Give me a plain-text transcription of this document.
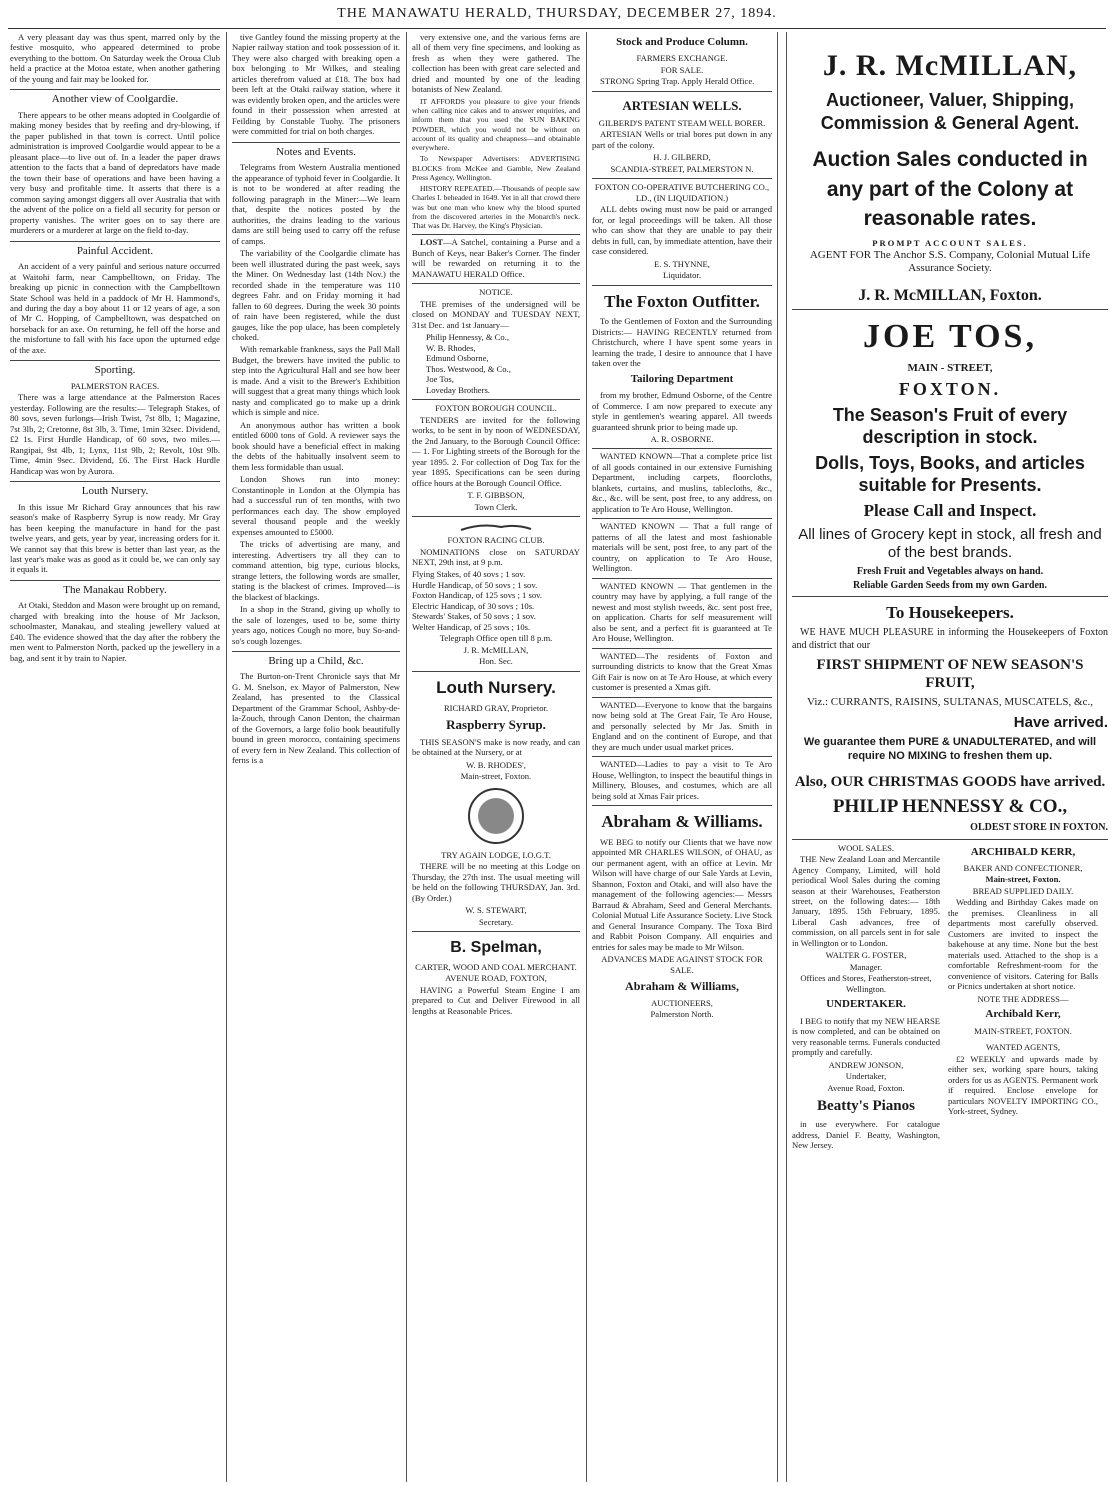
THE MANAWATU HERALD, THURSDAY, DECEMBER 27, 1894.

A very pleasant day was thus spent, marred only by the festive mosquito, who appeared determined to probe everything to the bottom. On Saturday week the Oroua Club held a practice at the Motoa estate, when another gathering of the young and fair may be looked for.

Another view of Coolgardie.

There appears to be other means adopted in Coolgardie of making money besides that by reefing and dry-blowing, if the paper published in that town is correct. Until police administration is improved Coolgardie would appear to be a pleasant place—to live out of. In a leader the paper draws attention to the facts that a band of depredators have made the town their base of operations and have been having a very busy and profitable time. It asserts that there is a common saying amongst diggers all over Australia that with the advent of the police on a field all security for person or property vanishes. The writer goes on to say there are murderers or a murderer at large on the field to-day.

Painful Accident.

An accident of a very painful and serious nature occurred at Waitohi farm, near Campbelltown, on Friday. The breaking up picnic in connection with the Campbelltown State School was held in a paddock of Mr H. Hammond's, and during the day a boy about 11 or 12 years of age, a son of Mr C. Hopping, of Campbelltown, was despatched on horseback for an axe. On returning, he fell off the horse and the misfortune to fall with his face upon the upturned edge of the axe.

Sporting.
PALMERSTON RACES.

There was a large attendance at the Palmerston Races yesterday. Following are the results:— Telegraph Stakes, of 80 sovs, seven furlongs—Irish Twist, 7st 8lb, 1; Magazine, 7st 3lb, 2; Cretonne, 8st 3lb, 3. Time, 1min 32sec. Dividend, £2 1s. First Hurdle Handicap, of 60 sovs, two miles.—Rangipai, 9st 4lb, 1; Lynx, 11st 9lb, 2; Revolt, 10st 9lb. Time, 4min 9sec. Dividend, £6. The First Hack Hurdle Handicap was won by Aurora.

Louth Nursery.

In this issue Mr Richard Gray announces that his raw season's make of Raspberry Syrup is now ready. Mr Gray has been keeping the manufacture in hand for the past twelve years, and gets, year by year, increasing orders for it. We cannot say that this brew is better than last year, as the last year's make was as good as it could be, we can only say it equals it.

The Manakau Robbery.

At Otaki, Steddon and Mason were brought up on remand, charged with breaking into the house of Mr Jackson, schoolmaster, Manakau, and stealing jewellery valued at £40. The evidence showed that the day after the robbery the men went to Palmerston North, packed up the jewellery in a bag, and sent it by train to Napier.

tive Gantley found the missing property at the Napier railway station and took possession of it. They were also charged with breaking open a box belonging to Mr Wilkes, and stealing articles therefrom valued at £18. The box had been left at the Otaki railway station, where it was evidently broken open, and the articles were found in their possession when arrested at Feilding by Constable Tuohy. The prisoners were committed for trial on both charges.

Notes and Events.

Telegrams from Western Australia mentioned the appearance of typhoid fever in Coolgardie. It is not to be wondered at after reading the following paragraph in the Miner:—We learn that, despite the notices posted by the authorities, the drains leading to the various dams are still being used to carry off the refuse of camps.

The variability of the Coolgardie climate has been well illustrated during the past week, says the Miner. On Wednesday last (14th Nov.) the recorded shade in the temperature was 110 degrees Fahr. and on Friday morning it had fallen to 60 degrees. During the week 30 points of rain have been registered, while the dust gauges, like the pop ulace, has been completely choked.

With remarkable frankness, says the Pall Mall Budget, the brewers have invited the public to step into the Agricultural Hall and see how beer is made. And a visit to the Brewer's Exhibition will suggest that a great many things which look nasty and complicated go to make up a drink which is simple and nice.

An anonymous author has written a book entitled 6000 tons of Gold. A reviewer says the book should have a beneficial effect in making the debts of the habitually insolvent seem to them less formidable than usual.

London Shows run into money: Constantinople in London at the Olympia has had a successful run of ten months, with two performances each day. The show employed several thousand people and the weekly expenses amounted to £5000.

The tricks of advertising are many, and interesting. Advertisers try all they can to command attention, big type, curious blocks, strange letters, the following words are smaller, stating is the blackest of crimes. Improved—is the blackest of blackings.

In a shop in the Strand, giving up wholly to the sale of lozenges, used to be, some thirty years ago, notices Cough no more, buy So-and-so's cough lozenges.

Bring up a Child, &c.

The Burton-on-Trent Chronicle says that Mr G. M. Snelson, ex Mayor of Palmerston, New Zealand, has presented to the Classical Department of the Grammar School, Ashby-de-la-Zouch, through Canon Denton, the chairman of the Governors, a large folio book beautifully bound in green morocco, containing specimens of every fern in New Zealand. This collection of ferns is a

very extensive one, and the various ferns are all of them very fine specimens, and looking as fresh as when they were gathered. The collection has been with great care selected and dried and mounted by one of the leading botanists of New Zealand.

IT AFFORDS you pleasure to give your friends when calling nice cakes and to answer enquiries, and inform them that you used the SUN BAKING POWDER, which you would not be without on account of its quality and cheapness—and obtainable everywhere.

To Newspaper Advertisers: ADVERTISING BLOCKS from McKee and Gamble, New Zealand Press Agency, Wellington.

HISTORY REPEATED.—Thousands of people saw Charles I. beheaded in 1649. Yet in all that crowd there was but one man who knew why the blood spurted from the discovered arteries in the Monarch's neck. That was Dr. Harvey, the King's Physician.

LOST—A Satchel, containing a Purse and a Bunch of Keys, near Baker's Corner. The finder will be rewarded on returning it to the MANAWATU HERALD Office.

NOTICE.

THE premises of the undersigned will be closed on MONDAY and TUESDAY NEXT, 31st Dec. and 1st January—

Philip Hennessy, & Co.,
W. B. Rhodes,
Edmund Osborne,
Thos. Westwood, & Co.,
Joe Tos,
Loveday Brothers.
FOXTON BOROUGH COUNCIL.

TENDERS are invited for the following works, to be sent in by noon of WEDNESDAY, the 2nd January, to the Borough Council Office:— 1. For Lighting streets of the Borough for the year 1895. 2. For collection of Dog Tax for the year 1895. Specifications can be seen during office hours at the Borough Council Office.

T. F. GIBBSON,
Town Clerk.
FOXTON RACING CLUB.

NOMINATIONS close on SATURDAY NEXT, 29th inst, at 9 p.m.

Flying Stakes, of 40 sovs ; 1 sov.
Hurdle Handicap, of 50 sovs ; 1 sov.
Foxton Handicap, of 125 sovs ; 1 sov.
Electric Handicap, of 30 sovs ; 10s.
Stewards' Stakes, of 50 sovs ; 1 sov.
Welter Handicap, of 25 sovs ; 10s.
Telegraph Office open till 8 p.m.
J. R. McMILLAN,
Hon. Sec.
Louth Nursery.
RICHARD GRAY, Proprietor.
Raspberry Syrup.

THIS SEASON'S make is now ready, and can be obtained at the Nursery, or at

W. B. RHODES',
Main-street, Foxton.
TRY AGAIN LODGE, I.O.G.T.

THERE will be no meeting at this Lodge on Thursday, the 27th inst. The usual meeting will be held on the following THURSDAY, Jan. 3rd. (By Order.)

W. S. STEWART,
Secretary.
B. Spelman,
CARTER, WOOD AND COAL MERCHANT.
AVENUE ROAD, FOXTON,

HAVING a Powerful Steam Engine I am prepared to Cut and Deliver Firewood in all lengths at Reasonable Prices.

Stock and Produce Column.
FARMERS EXCHANGE.
FOR SALE.

STRONG Spring Trap. Apply Herald Office.

ARTESIAN WELLS.
GILBERD'S PATENT STEAM WELL BORER.

ARTESIAN Wells or trial bores put down in any part of the colony.

H. J. GILBERD,
SCANDIA-STREET, PALMERSTON N.
FOXTON CO-OPERATIVE BUTCHERING CO., LD., (IN LIQUIDATION.)

ALL debts owing must now be paid or arranged for, or legal proceedings will be taken. All those who can show that they are unable to pay their debts in full, can, by immediate attention, have their case considered.

E. S. THYNNE,
Liquidator.
The Foxton Outfitter.

To the Gentlemen of Foxton and the Surrounding Districts:— HAVING RECENTLY returned from Christchurch, where I have spent some years in learning the trade, I desire to announce that I have taken over the

Tailoring Department

from my brother, Edmund Osborne, of the Centre of Commerce. I am now prepared to execute any style in gentlemen's wearing apparel. All tweeds guaranteed shrunk prior to being made up.

A. R. OSBORNE.

WANTED KNOWN—That a complete price list of all goods contained in our extensive Furnishing Department, including carpets, floorcloths, blankets, curtains, and muslins, tablecloths, &c., &c., &c. will be sent, post free, to any address, on application to Te Aro House, Wellington.

WANTED KNOWN — That a full range of patterns of all the latest and most fashionable materials will be sent, post free, to any part of the country, on application to Te Aro House, Wellington.

WANTED KNOWN — That gentlemen in the country may have by applying, a full range of the newest and most stylish tweeds, &c. sent post free, on application. Charts for self measurement will also be sent, and a perfect fit is guaranteed at Te Aro House, Wellington.

WANTED—The residents of Foxton and surrounding districts to know that the Great Xmas Gift Fair is now on at Te Aro House, at which every customer is presented a Xmas gift.

WANTED—Everyone to know that the bargains now being sold at The Great Fair, Te Aro House, and personally selected by Mr Jas. Smith in England and on the continent of Europe, and that they are much under usual market prices.

WANTED—Ladies to pay a visit to Te Aro House, Wellington, to inspect the beautiful things in Millinery, Blouses, and costumes, which are all being sold at Xmas Fair prices.

Abraham & Williams.

WE BEG to notify our Clients that we have now appointed MR CHARLES WILSON, of OHAU, as our permanent agent, with an office at Levin. Mr Wilson will have charge of our Sale Yards at Levin, Shannon, Foxton and Otaki, and will also have the management of the following agencies:— Messrs Barraud & Abraham, Seed and General Merchants. Colonial Mutual Life Assurance Society. Live Stock and General Insurance Company. The Toxa Bird and Rabbit Poison Company. All enquiries and entries for sales may be made to Mr Wilson.

ADVANCES MADE AGAINST STOCK FOR SALE.
Abraham & Williams,
AUCTIONEERS,
Palmerston North.
J. R. McMILLAN,
Auctioneer, Valuer, Shipping, Commission & General Agent.
Auction Sales conducted in any part of the Colony at reasonable rates.
PROMPT ACCOUNT SALES.
AGENT FOR The Anchor S.S. Company, Colonial Mutual Life Assurance Society.
J. R. McMILLAN, Foxton.
JOE TOS,
MAIN - STREET,
FOXTON.
The Season's Fruit of every description in stock.
Dolls, Toys, Books, and articles suitable for Presents.
Please Call and Inspect.
All lines of Grocery kept in stock, all fresh and of the best brands.
Fresh Fruit and Vegetables always on hand.
Reliable Garden Seeds from my own Garden.
To Housekeepers.

WE HAVE MUCH PLEASURE in informing the Housekeepers of Foxton and district that our

FIRST SHIPMENT OF NEW SEASON'S FRUIT,
Viz.: CURRANTS, RAISINS, SULTANAS, MUSCATELS, &c.,
Have arrived.
We guarantee them PURE & UNADULTERATED, and will require NO MIXING to freshen them up.
Also, OUR CHRISTMAS GOODS have arrived.
PHILIP HENNESSY & CO.,
OLDEST STORE IN FOXTON.
WOOL SALES.

THE New Zealand Loan and Mercantile Agency Company, Limited, will hold periodical Wool Sales during the coming season at their Warehouses, Featherston street, on the following dates:— 18th January, 1895. 15th February, 1895. Liberal Cash advances, free of commission, on all parcels sent in for sale in Wellington or to London.

WALTER G. FOSTER,
Manager.
Offices and Stores, Featherston-street, Wellington.
UNDERTAKER.

I BEG to notify that my NEW HEARSE is now completed, and can be obtained on very reasonable terms. Funerals conducted promptly and carefully.

ANDREW JONSON,
Undertaker,
Avenue Road, Foxton.
Beatty's Pianos

in use everywhere. For catalogue address, Daniel F. Beatty, Washington, New Jersey.

ARCHIBALD KERR,
BAKER AND CONFECTIONER,
Main-street, Foxton.
BREAD SUPPLIED DAILY.

Wedding and Birthday Cakes made on the premises. Cleanliness in all departments most carefully observed. Customers are invited to inspect the bakehouse at any time. None but the best materials used. Attached to the shop is a comfortable Refreshment-room for the convenience of visitors. Catering for Balls or Picnics undertaken at short notice.

NOTE THE ADDRESS—
Archibald Kerr,
MAIN-STREET, FOXTON.
WANTED AGENTS,

£2 WEEKLY and upwards made by either sex, working spare hours, taking orders for us as AGENTS. Permanent work if required. Enclose envelope for particulars NOVELTY IMPORTING CO., York-street, Sydney.
